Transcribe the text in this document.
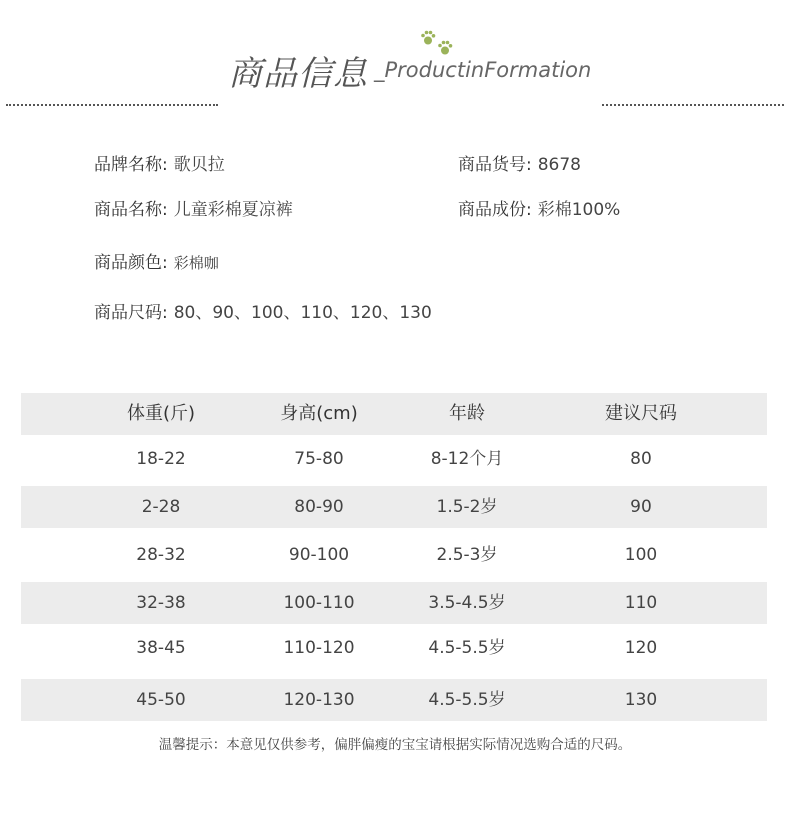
商品信息 _ProductinFormation
品牌名称: 歌贝拉	商品货号: 8678
商品名称: 儿童彩棉夏凉裤	商品成份: 彩棉100%
商品颜色: 彩棉咖
商品尺码: 80、90、100、110、120、130
体重(斤)	身高(cm)	年龄	建议尺码
18-22	75-80	8-12个月	80
2-28	80-90	1.5-2岁	90
28-32	90-100	2.5-3岁	100
32-38	100-110	3.5-4.5岁	110
38-45	110-120	4.5-5.5岁	120
45-50	120-130	4.5-5.5岁	130
温馨提示：本意见仅供参考，偏胖偏瘦的宝宝请根据实际情况选购合适的尺码。
